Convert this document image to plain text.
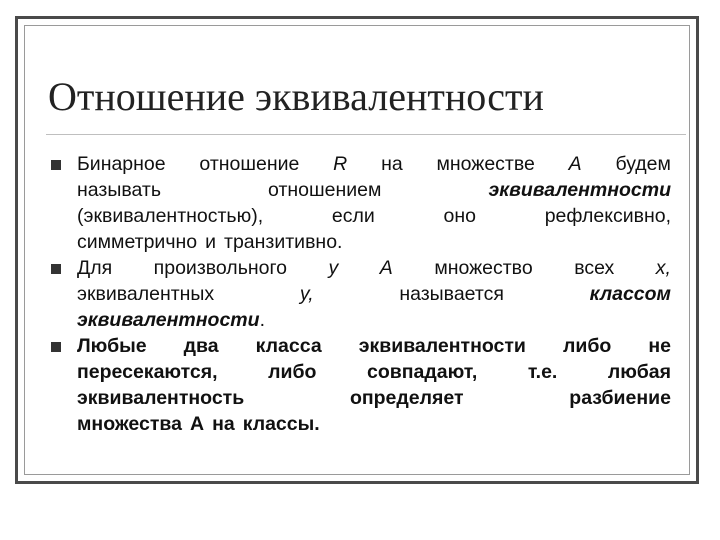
Отношение эквивалентности
Бинарное отношение R на множестве A будем
называть	отношением	эквивалентности
(эквивалентностью),	если	оно	рефлексивно,
симметрично и транзитивно.
Для произвольного y A множество всех x,
эквивалентных	y,	называется	классом
эквивалентности.
Любые два класса эквивалентности либо не
пересекаются,	либо	совпадают,	т.е.	любая
эквивалентность	определяет	разбиение
множества А на классы.
